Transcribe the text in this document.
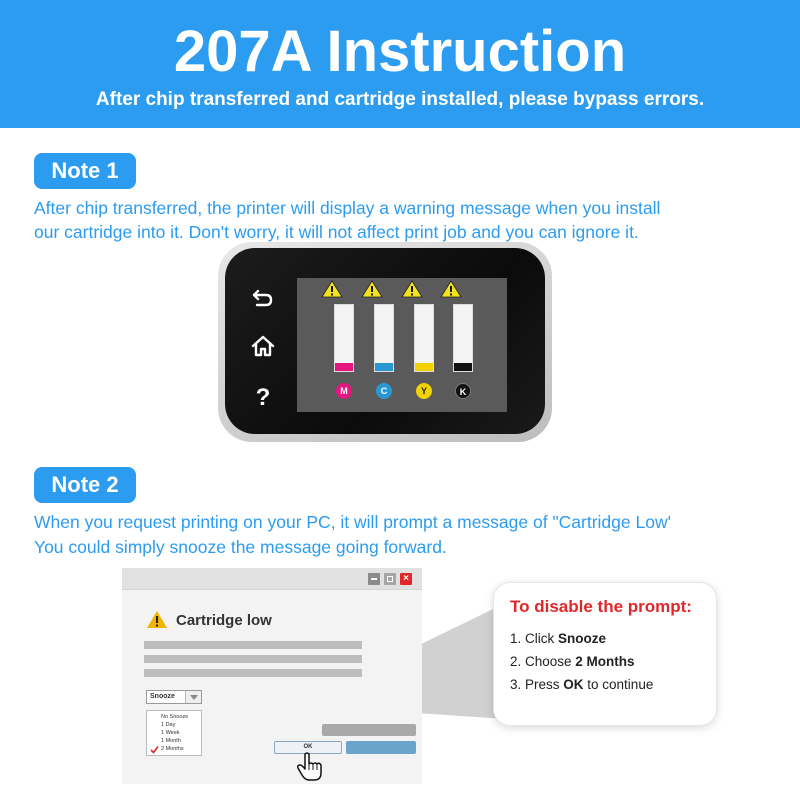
207A Instruction
After chip transferred and cartridge installed, please bypass errors.
Note 1
After chip transferred, the printer will display a warning message when you install
our cartridge into it. Don't worry, it will not affect print job and you can ignore it.
?	M	C	Y	K
Note 2
When you request printing on your PC, it will prompt a message of "Cartridge Low'
You could simply snooze the message going forward.
×
Cartridge low
Snooze
No Snooze
1 Day
1 Week
1 Month
2 Months	OK
To disable the prompt:
1. Click Snooze
2. Choose 2 Months
3. Press OK to continue
